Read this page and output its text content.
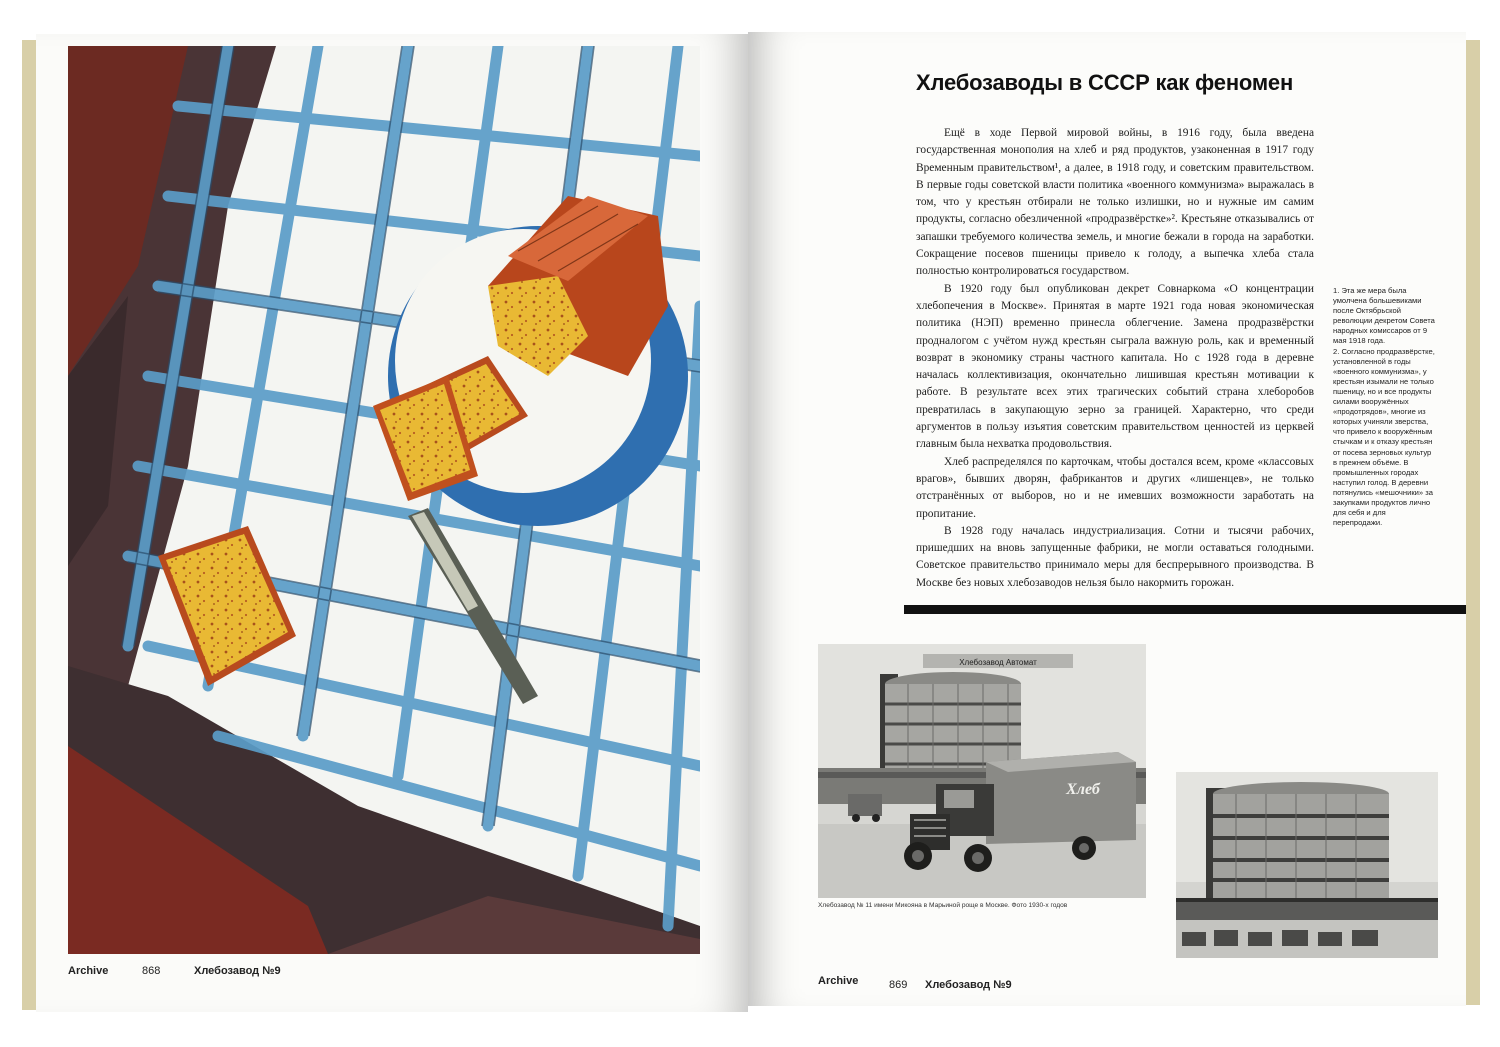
Archive	868	Хлебозавод №9
Хлебозаводы в СССР как феномен

Ещё в ходе Первой мировой войны, в 1916 году, была введена государственная монополия на хлеб и ряд продуктов, узаконенная в 1917 году Временным правительством¹, а далее, в 1918 году, и советским правительством. В первые годы советской власти политика «военного коммунизма» выражалась в том, что у крестьян отбирали не только излишки, но и нужные им самим продукты, согласно обезличенной «продразвёрстке»². Крестьяне отказывались от запашки требуемого количества земель, и многие бежали в города на заработки. Сокращение посевов пшеницы привело к голоду, а выпечка хлеба стала полностью контролироваться государством.

В 1920 году был опубликован декрет Совнаркома «О концентрации хлебопечения в Москве». Принятая в марте 1921 года новая экономическая политика (НЭП) временно принесла облегчение. Замена продразвёрстки продналогом с учётом нужд крестьян сыграла важную роль, как и временный возврат в экономику страны частного капитала. Но с 1928 года в деревне началась коллективизация, окончательно лишившая крестьян мотивации к работе. В результате всех этих трагических событий страна хлеборобов превратилась в закупающую зерно за границей. Характерно, что среди аргументов в пользу изъятия советским правительством ценностей из церквей главным была нехватка продовольствия.

Хлеб распределялся по карточкам, чтобы достался всем, кроме «классовых врагов», бывших дворян, фабрикантов и других «лишенцев», не только отстранённых от выборов, но и не имевших возможности заработать на пропитание.

В 1928 году началась индустриализация. Сотни и тысячи рабочих, пришедших на вновь запущенные фабрики, не могли оставаться голодными. Советское правительство принимало меры для беспрерывного производства. В Москве без новых хлебозаводов нельзя было накормить горожан.

1. Эта же мера была умолчена большевиками после Октябрьской революции декретом Совета народных комиссаров от 9 мая 1918 года.

2. Согласно продразвёрстке, установленной в годы «военного коммунизма», у крестьян изымали не только пшеницу, но и все продукты силами вооружённых «продотрядов», многие из которых учиняли зверства, что привело к вооружённым стычкам и к отказу крестьян от посева зерновых культур в прежнем объёме. В промышленных городах наступил голод. В деревни потянулись «мешочники» за закупками продуктов лично для себя и для перепродажи.

Хлебозавод Автомат
Хлеб
Хлебозавод № 11 имени Микояна в Марьиной роще в Москве. Фото 1930-х годов
Archive	869 Хлебозавод №9
